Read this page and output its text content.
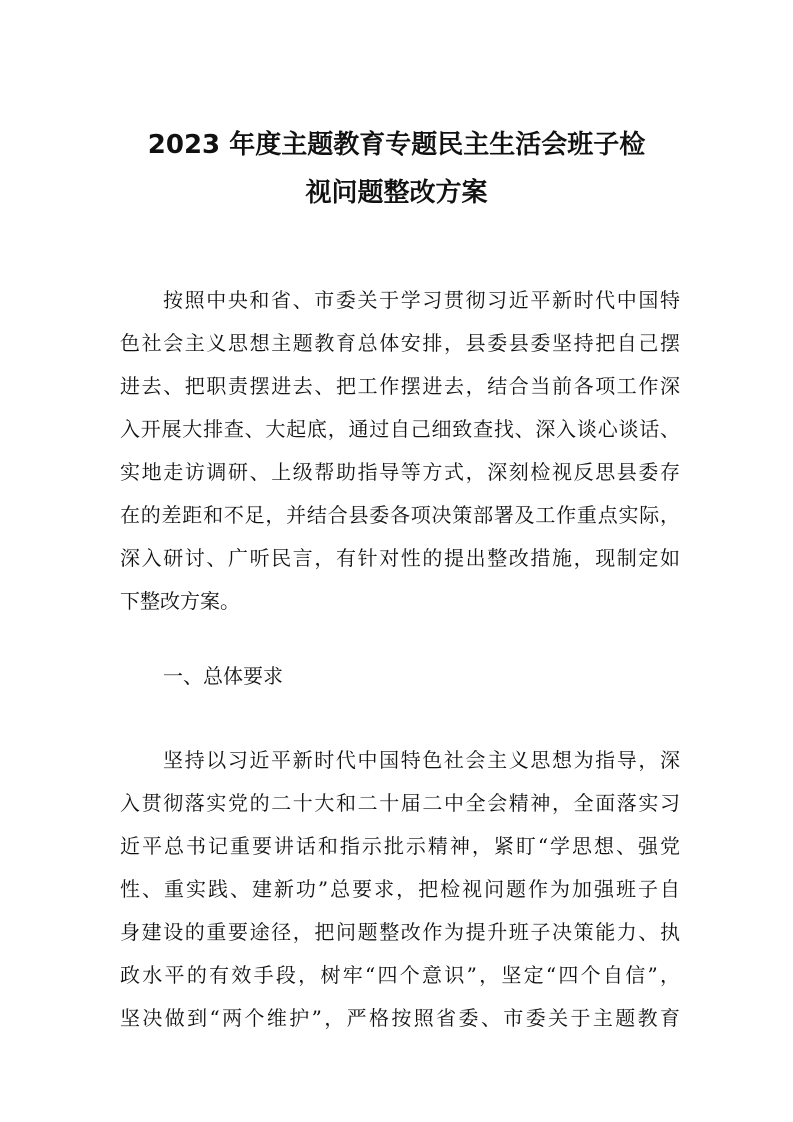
2023 年度主题教育专题民主生活会班子检
视问题整改方案
按照中央和省、市委关于学习贯彻习近平新时代中国特
色社会主义思想主题教育总体安排，县委县委坚持把自己摆
进去、把职责摆进去、把工作摆进去，结合当前各项工作深
入开展大排查、大起底，通过自己细致查找、深入谈心谈话、
实地走访调研、上级帮助指导等方式，深刻检视反思县委存
在的差距和不足，并结合县委各项决策部署及工作重点实际，
深入研讨、广听民言，有针对性的提出整改措施，现制定如
下整改方案。
一、总体要求
坚持以习近平新时代中国特色社会主义思想为指导，深
入贯彻落实党的二十大和二十届二中全会精神，全面落实习
近平总书记重要讲话和指示批示精神，紧盯“学思想、强党
性、重实践、建新功”总要求，把检视问题作为加强班子自
身建设的重要途径，把问题整改作为提升班子决策能力、执
政水平的有效手段，树牢“四个意识”，坚定“四个自信”，
坚决做到“两个维护”，严格按照省委、市委关于主题教育
